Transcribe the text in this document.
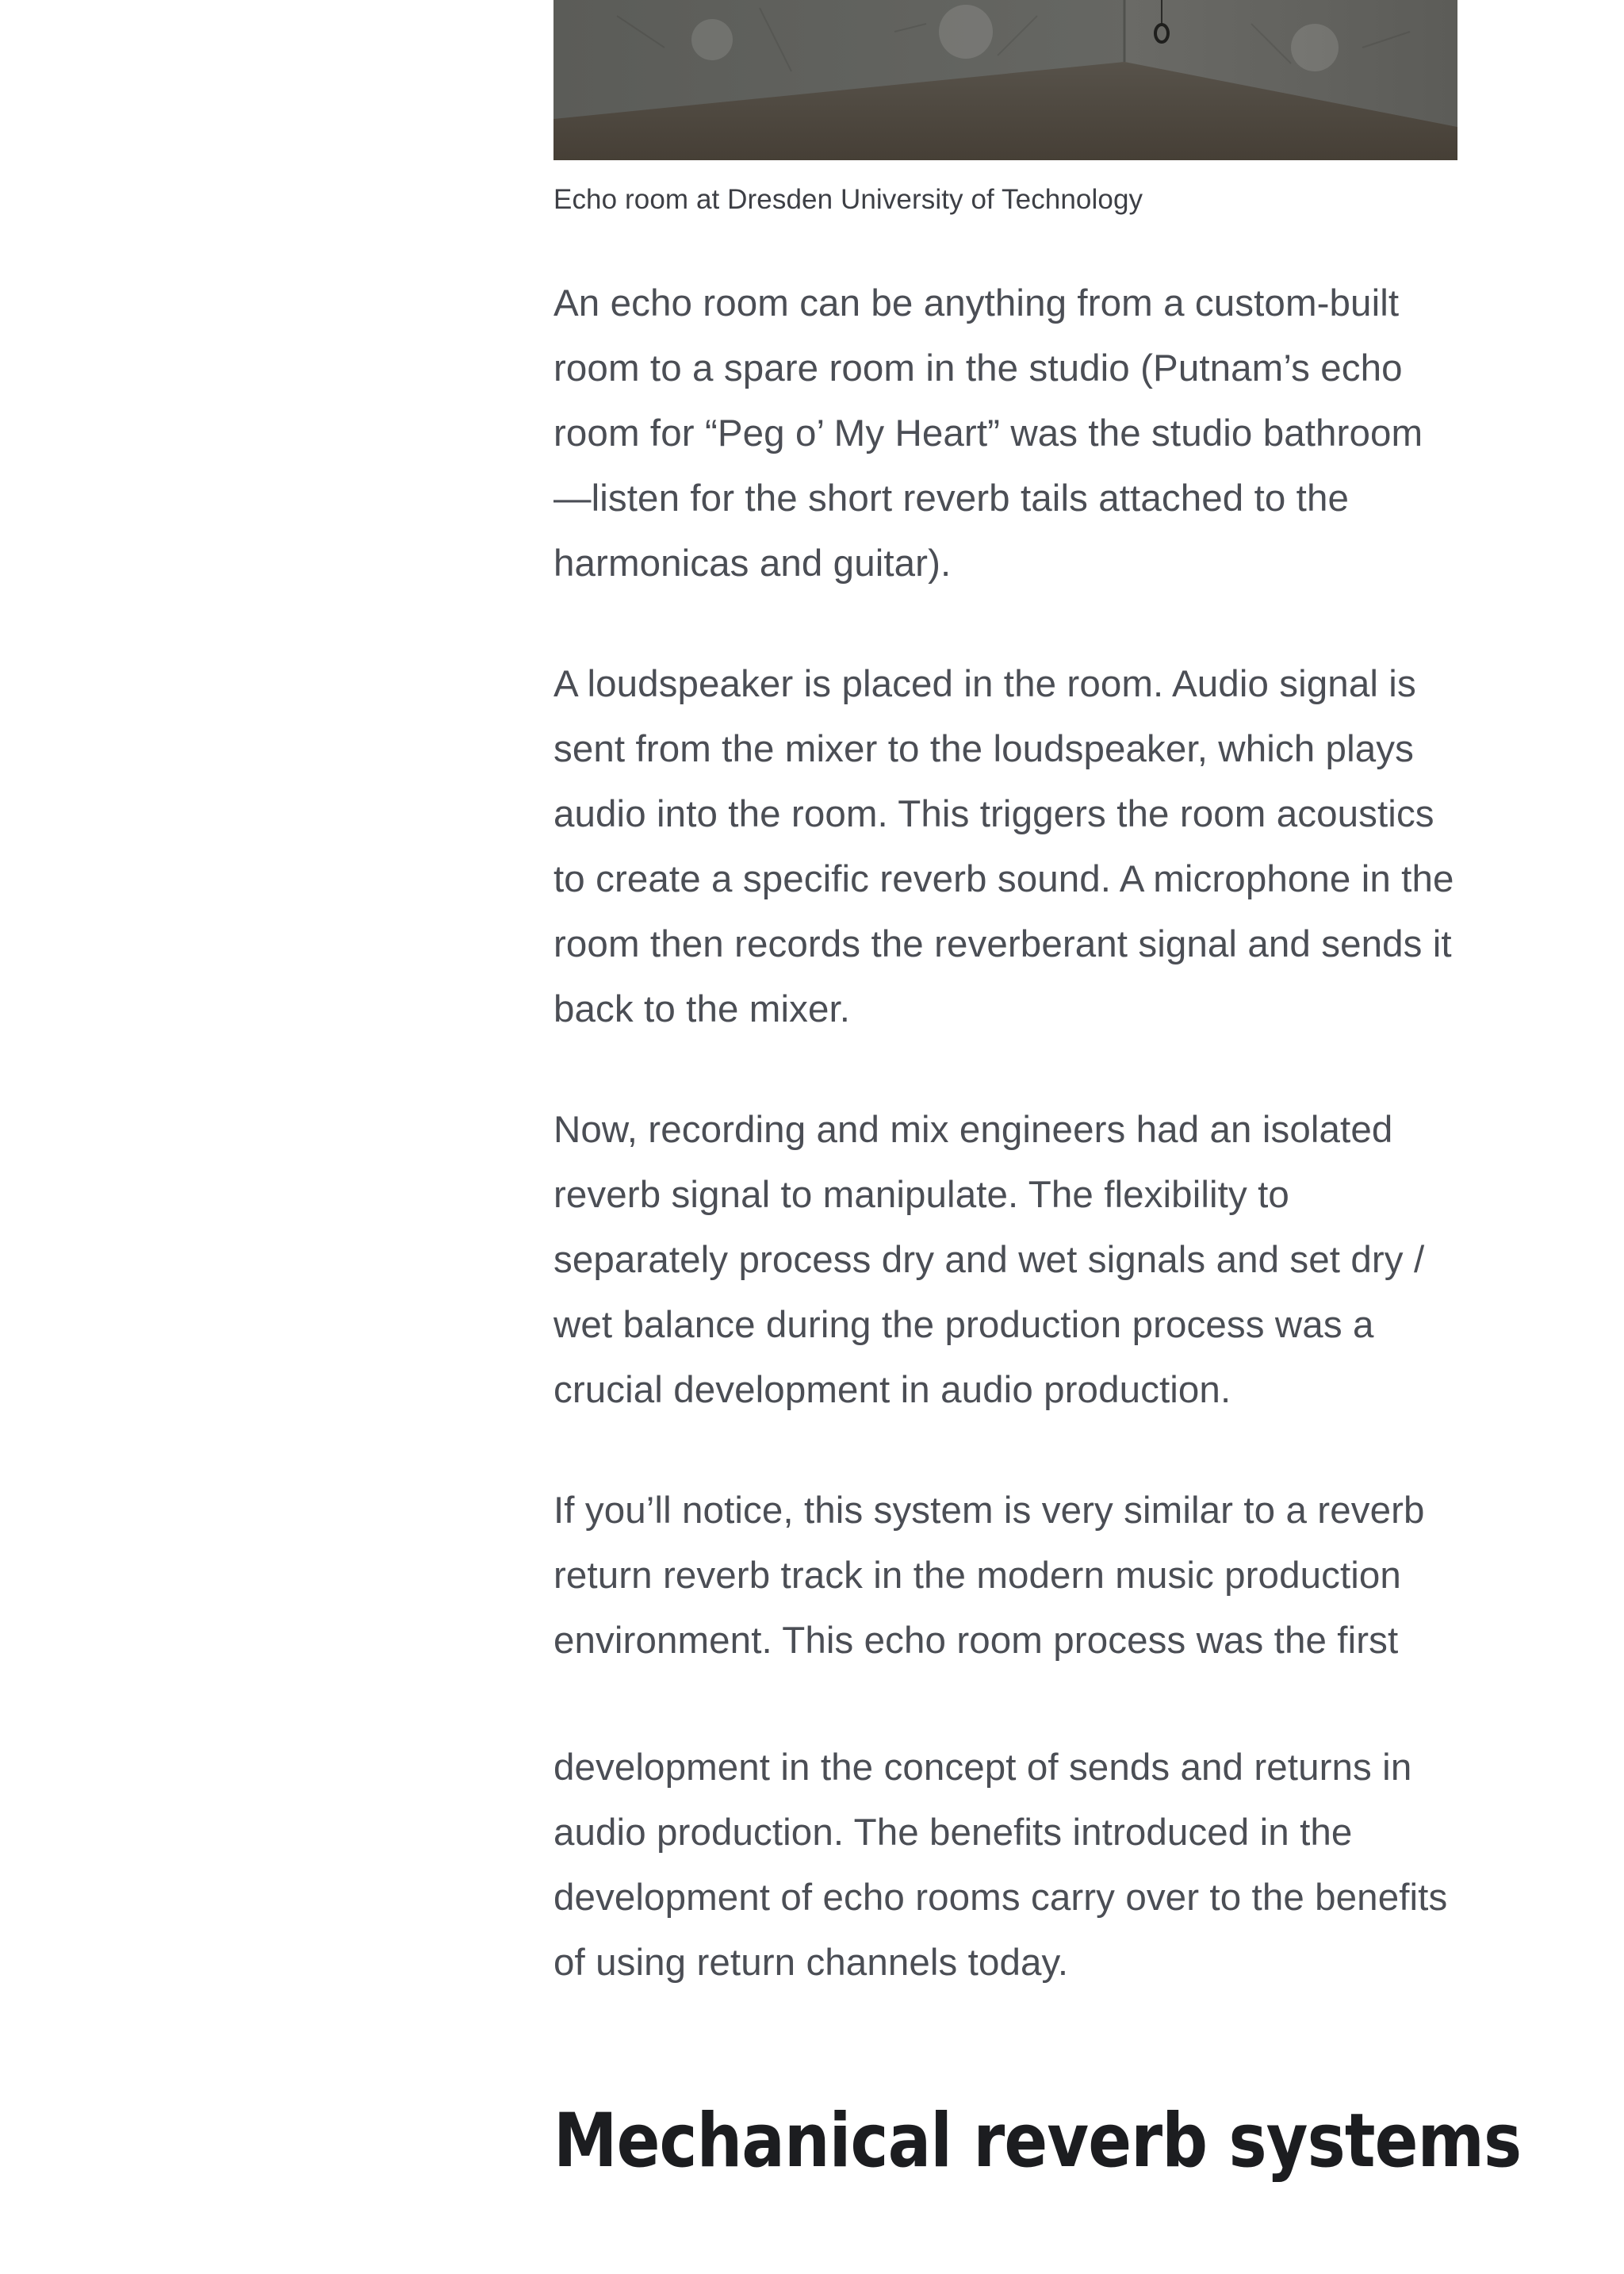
Echo room at Dresden University of Technology

An echo room can be anything from a custom-built room to a spare room in the studio (Putnam’s echo room for “Peg o’ My Heart” was the studio bathroom—listen for the short reverb tails attached to the harmonicas and guitar).

A loudspeaker is placed in the room. Audio signal is sent from the mixer to the loudspeaker, which plays audio into the room. This triggers the room acoustics to create a specific reverb sound. A microphone in the room then records the reverberant signal and sends it back to the mixer.

Now, recording and mix engineers had an isolated reverb signal to manipulate. The flexibility to separately process dry and wet signals and set dry / wet balance during the production process was a crucial development in audio production.

If you’ll notice, this system is very similar to a reverb return reverb track in the modern music production environment. This echo room process was the first

development in the concept of sends and returns in audio production. The benefits introduced in the development of echo rooms carry over to the benefits of using return channels today.

Mechanical reverb systems
